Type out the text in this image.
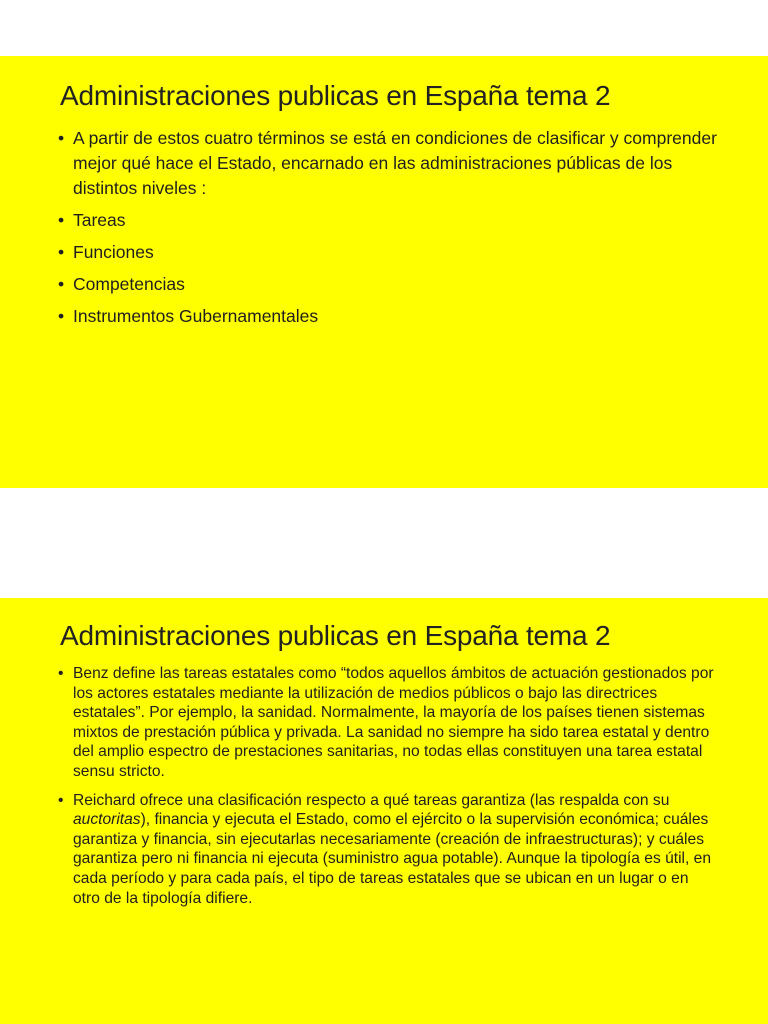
Administraciones publicas en España tema 2
• A partir de estos cuatro términos se está en condiciones de clasificar y comprender mejor qué hace el Estado, encarnado en las administraciones públicas de los distintos niveles :
• Tareas
• Funciones
• Competencias
• Instrumentos Gubernamentales
Administraciones publicas en España tema 2
• Benz define las tareas estatales como “todos aquellos ámbitos de actuación gestionados por los actores estatales mediante la utilización de medios públicos o bajo las directrices estatales”. Por ejemplo, la sanidad. Normalmente, la mayoría de los países tienen sistemas mixtos de prestación pública y privada. La sanidad no siempre ha sido tarea estatal y dentro del amplio espectro de prestaciones sanitarias, no todas ellas constituyen una tarea estatal sensu stricto.
• Reichard ofrece una clasificación respecto a qué tareas garantiza (las respalda con su auctoritas), financia y ejecuta el Estado, como el ejército o la supervisión económica; cuáles garantiza y financia, sin ejecutarlas necesariamente (creación de infraestructuras); y cuáles garantiza pero ni financia ni ejecuta (suministro agua potable). Aunque la tipología es útil, en cada período y para cada país, el tipo de tareas estatales que se ubican en un lugar o en otro de la tipología difiere.
